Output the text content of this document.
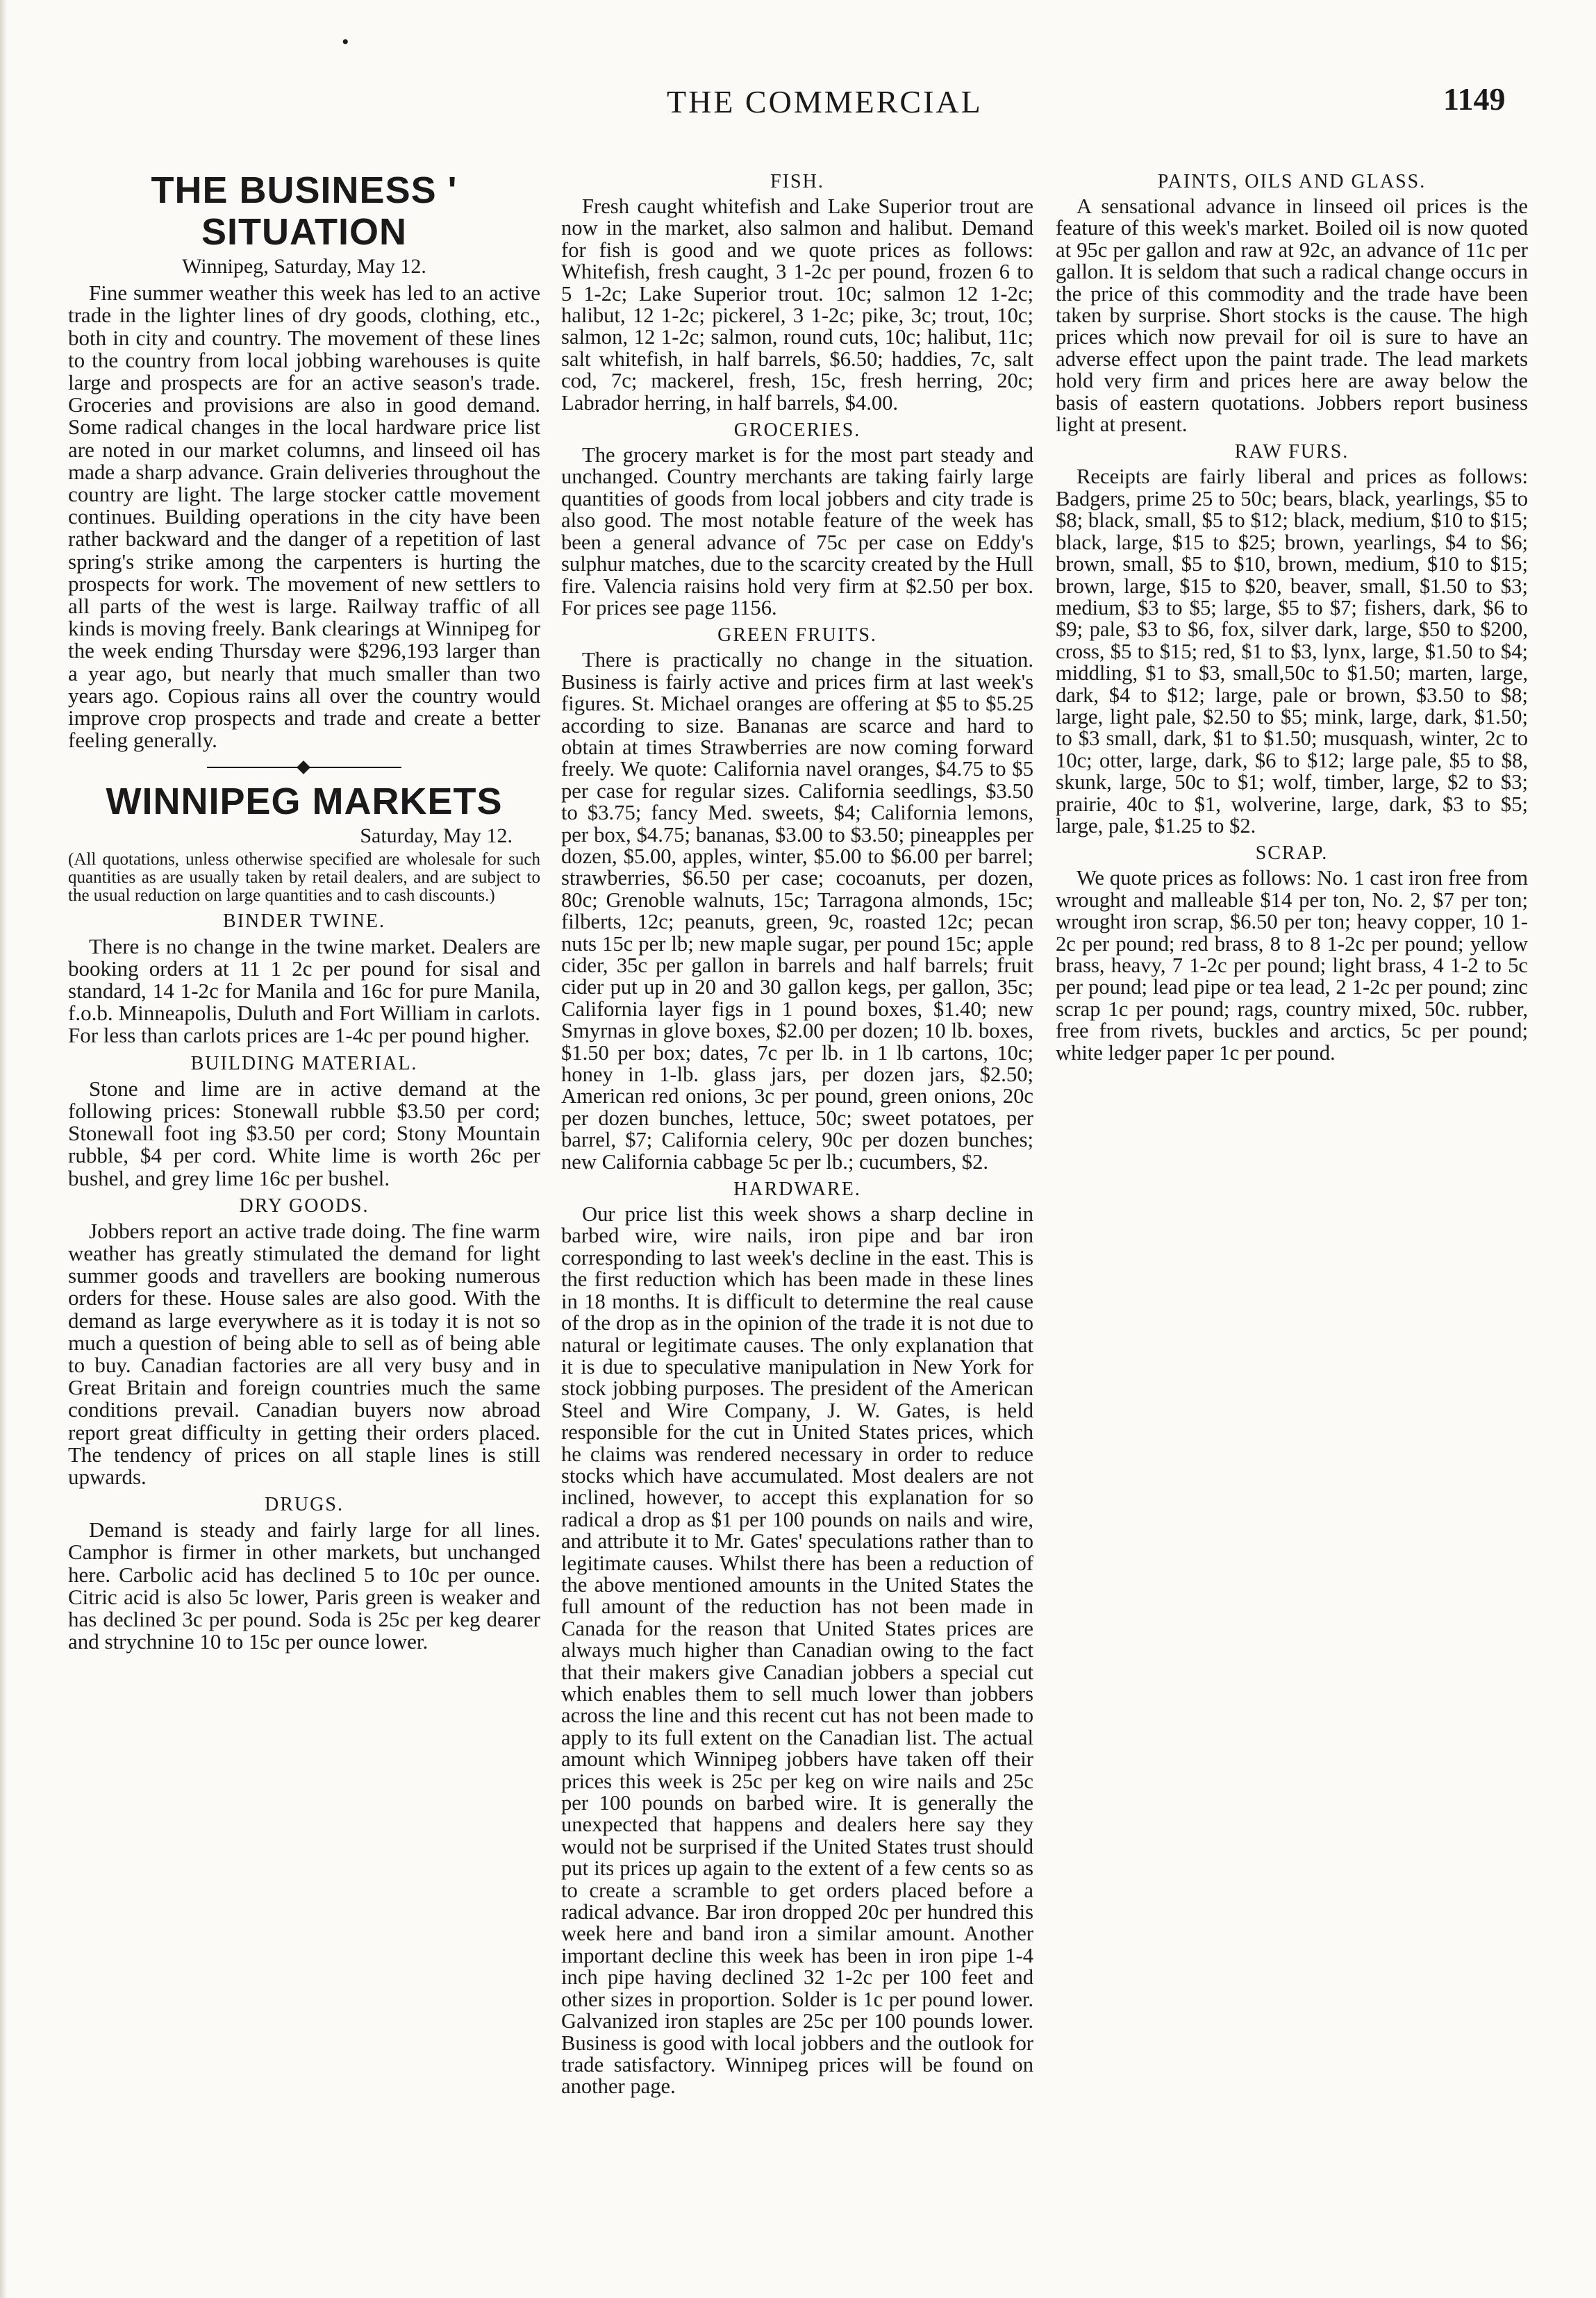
•
THE COMMERCIAL	1149
THE BUSINESS ' SITUATION
Winnipeg, Saturday, May 12.

Fine summer weather this week has led to an active trade in the lighter lines of dry goods, clothing, etc., both in city and country. The movement of these lines to the country from local jobbing warehouses is quite large and prospects are for an active season's trade. Groceries and provisions are also in good demand. Some radical changes in the local hardware price list are noted in our market columns, and linseed oil has made a sharp advance. Grain deliveries throughout the country are light. The large stocker cattle movement continues. Building operations in the city have been rather backward and the danger of a repetition of last spring's strike among the carpenters is hurting the prospects for work. The movement of new settlers to all parts of the west is large. Railway traffic of all kinds is moving freely. Bank clearings at Winnipeg for the week ending Thursday were $296,193 larger than a year ago, but nearly that much smaller than two years ago. Copious rains all over the country would improve crop prospects and trade and create a better feeling generally.

WINNIPEG MARKETS
Saturday, May 12.
(All quotations, unless otherwise specified are wholesale for such quantities as are usually taken by retail dealers, and are subject to the usual reduction on large quantities and to cash discounts.)
BINDER TWINE.

There is no change in the twine market. Dealers are booking orders at 11 1 2c per pound for sisal and standard, 14 1-2c for Manila and 16c for pure Manila, f.o.b. Minneapolis, Duluth and Fort William in carlots. For less than carlots prices are 1-4c per pound higher.

BUILDING MATERIAL.

Stone and lime are in active demand at the following prices: Stonewall rubble $3.50 per cord; Stonewall foot ing $3.50 per cord; Stony Mountain rubble, $4 per cord. White lime is worth 26c per bushel, and grey lime 16c per bushel.

DRY GOODS.

Jobbers report an active trade doing. The fine warm weather has greatly stimulated the demand for light summer goods and travellers are booking numerous orders for these. House sales are also good. With the demand as large everywhere as it is today it is not so much a question of being able to sell as of being able to buy. Canadian factories are all very busy and in Great Britain and foreign countries much the same conditions prevail. Canadian buyers now abroad report great difficulty in getting their orders placed. The tendency of prices on all staple lines is still upwards.

DRUGS.

Demand is steady and fairly large for all lines. Camphor is firmer in other markets, but unchanged here. Carbolic acid has declined 5 to 10c per ounce. Citric acid is also 5c lower, Paris green is weaker and has declined 3c per pound. Soda is 25c per keg dearer and strychnine 10 to 15c per ounce lower.

FISH.

Fresh caught whitefish and Lake Superior trout are now in the market, also salmon and halibut. Demand for fish is good and we quote prices as follows: Whitefish, fresh caught, 3 1-2c per pound, frozen 6 to 5 1-2c; Lake Superior trout. 10c; salmon 12 1-2c; halibut, 12 1-2c; pickerel, 3 1-2c; pike, 3c; trout, 10c; salmon, 12 1-2c; salmon, round cuts, 10c; halibut, 11c; salt whitefish, in half barrels, $6.50; haddies, 7c, salt cod, 7c; mackerel, fresh, 15c, fresh herring, 20c; Labrador herring, in half barrels, $4.00.

GROCERIES.

The grocery market is for the most part steady and unchanged. Country merchants are taking fairly large quantities of goods from local jobbers and city trade is also good. The most notable feature of the week has been a general advance of 75c per case on Eddy's sulphur matches, due to the scarcity created by the Hull fire. Valencia raisins hold very firm at $2.50 per box. For prices see page 1156.

GREEN FRUITS.

There is practically no change in the situation. Business is fairly active and prices firm at last week's figures. St. Michael oranges are offering at $5 to $5.25 according to size. Bananas are scarce and hard to obtain at times Strawberries are now coming forward freely. We quote: California navel oranges, $4.75 to $5 per case for regular sizes. California seedlings, $3.50 to $3.75; fancy Med. sweets, $4; California lemons, per box, $4.75; bananas, $3.00 to $3.50; pineapples per dozen, $5.00, apples, winter, $5.00 to $6.00 per barrel; strawberries, $6.50 per case; cocoanuts, per dozen, 80c; Grenoble walnuts, 15c; Tarragona almonds, 15c; filberts, 12c; peanuts, green, 9c, roasted 12c; pecan nuts 15c per lb; new maple sugar, per pound 15c; apple cider, 35c per gallon in barrels and half barrels; fruit cider put up in 20 and 30 gallon kegs, per gallon, 35c; California layer figs in 1 pound boxes, $1.40; new Smyrnas in glove boxes, $2.00 per dozen; 10 lb. boxes, $1.50 per box; dates, 7c per lb. in 1 lb cartons, 10c; honey in 1-lb. glass jars, per dozen jars, $2.50; American red onions, 3c per pound, green onions, 20c per dozen bunches, lettuce, 50c; sweet potatoes, per barrel, $7; California celery, 90c per dozen bunches; new California cabbage 5c per lb.; cucumbers, $2.

HARDWARE.

Our price list this week shows a sharp decline in barbed wire, wire nails, iron pipe and bar iron corresponding to last week's decline in the east. This is the first reduction which has been made in these lines in 18 months. It is difficult to determine the real cause of the drop as in the opinion of the trade it is not due to natural or legitimate causes. The only explanation that it is due to speculative manipulation in New York for stock jobbing purposes. The president of the American Steel and Wire Company, J. W. Gates, is held responsible for the cut in United States prices, which he claims was rendered necessary in order to reduce stocks which have accumulated. Most dealers are not inclined, however, to accept this explanation for so radical a drop as $1 per 100 pounds on nails and wire, and attribute it to Mr. Gates' speculations rather than to legitimate causes. Whilst there has been a reduction of the above mentioned amounts in the United States the full amount of the reduction has not been made in Canada for the reason that United States prices are always much higher than Canadian owing to the fact that their makers give Canadian jobbers a special cut which enables them to sell much lower than jobbers across the line and this recent cut has not been made to apply to its full extent on the Canadian list. The actual amount which Winnipeg jobbers have taken off their prices this week is 25c per keg on wire nails and 25c per 100 pounds on barbed wire. It is generally the unexpected that happens and dealers here say they would not be surprised if the United States trust should put its prices up again to the extent of a few cents so as to create a scramble to get orders placed before a radical advance. Bar iron dropped 20c per hundred this week here and band iron a similar amount. Another important decline this week has been in iron pipe 1-4 inch pipe having declined 32 1-2c per 100 feet and other sizes in proportion. Solder is 1c per pound lower. Galvanized iron staples are 25c per 100 pounds lower. Business is good with local jobbers and the outlook for trade satisfactory. Winnipeg prices will be found on another page.

PAINTS, OILS AND GLASS.

A sensational advance in linseed oil prices is the feature of this week's market. Boiled oil is now quoted at 95c per gallon and raw at 92c, an advance of 11c per gallon. It is seldom that such a radical change occurs in the price of this commodity and the trade have been taken by surprise. Short stocks is the cause. The high prices which now prevail for oil is sure to have an adverse effect upon the paint trade. The lead markets hold very firm and prices here are away below the basis of eastern quotations. Jobbers report business light at present.

RAW FURS.

Receipts are fairly liberal and prices as follows: Badgers, prime 25 to 50c; bears, black, yearlings, $5 to $8; black, small, $5 to $12; black, medium, $10 to $15; black, large, $15 to $25; brown, yearlings, $4 to $6; brown, small, $5 to $10, brown, medium, $10 to $15; brown, large, $15 to $20, beaver, small, $1.50 to $3; medium, $3 to $5; large, $5 to $7; fishers, dark, $6 to $9; pale, $3 to $6, fox, silver dark, large, $50 to $200, cross, $5 to $15; red, $1 to $3, lynx, large, $1.50 to $4; middling, $1 to $3, small,50c to $1.50; marten, large, dark, $4 to $12; large, pale or brown, $3.50 to $8; large, light pale, $2.50 to $5; mink, large, dark, $1.50; to $3 small, dark, $1 to $1.50; musquash, winter, 2c to 10c; otter, large, dark, $6 to $12; large pale, $5 to $8, skunk, large, 50c to $1; wolf, timber, large, $2 to $3; prairie, 40c to $1, wolverine, large, dark, $3 to $5; large, pale, $1.25 to $2.

SCRAP.

We quote prices as follows: No. 1 cast iron free from wrought and malleable $14 per ton, No. 2, $7 per ton; wrought iron scrap, $6.50 per ton; heavy copper, 10 1-2c per pound; red brass, 8 to 8 1-2c per pound; yellow brass, heavy, 7 1-2c per pound; light brass, 4 1-2 to 5c per pound; lead pipe or tea lead, 2 1-2c per pound; zinc scrap 1c per pound; rags, country mixed, 50c. rubber, free from rivets, buckles and arctics, 5c per pound; white ledger paper 1c per pound.
